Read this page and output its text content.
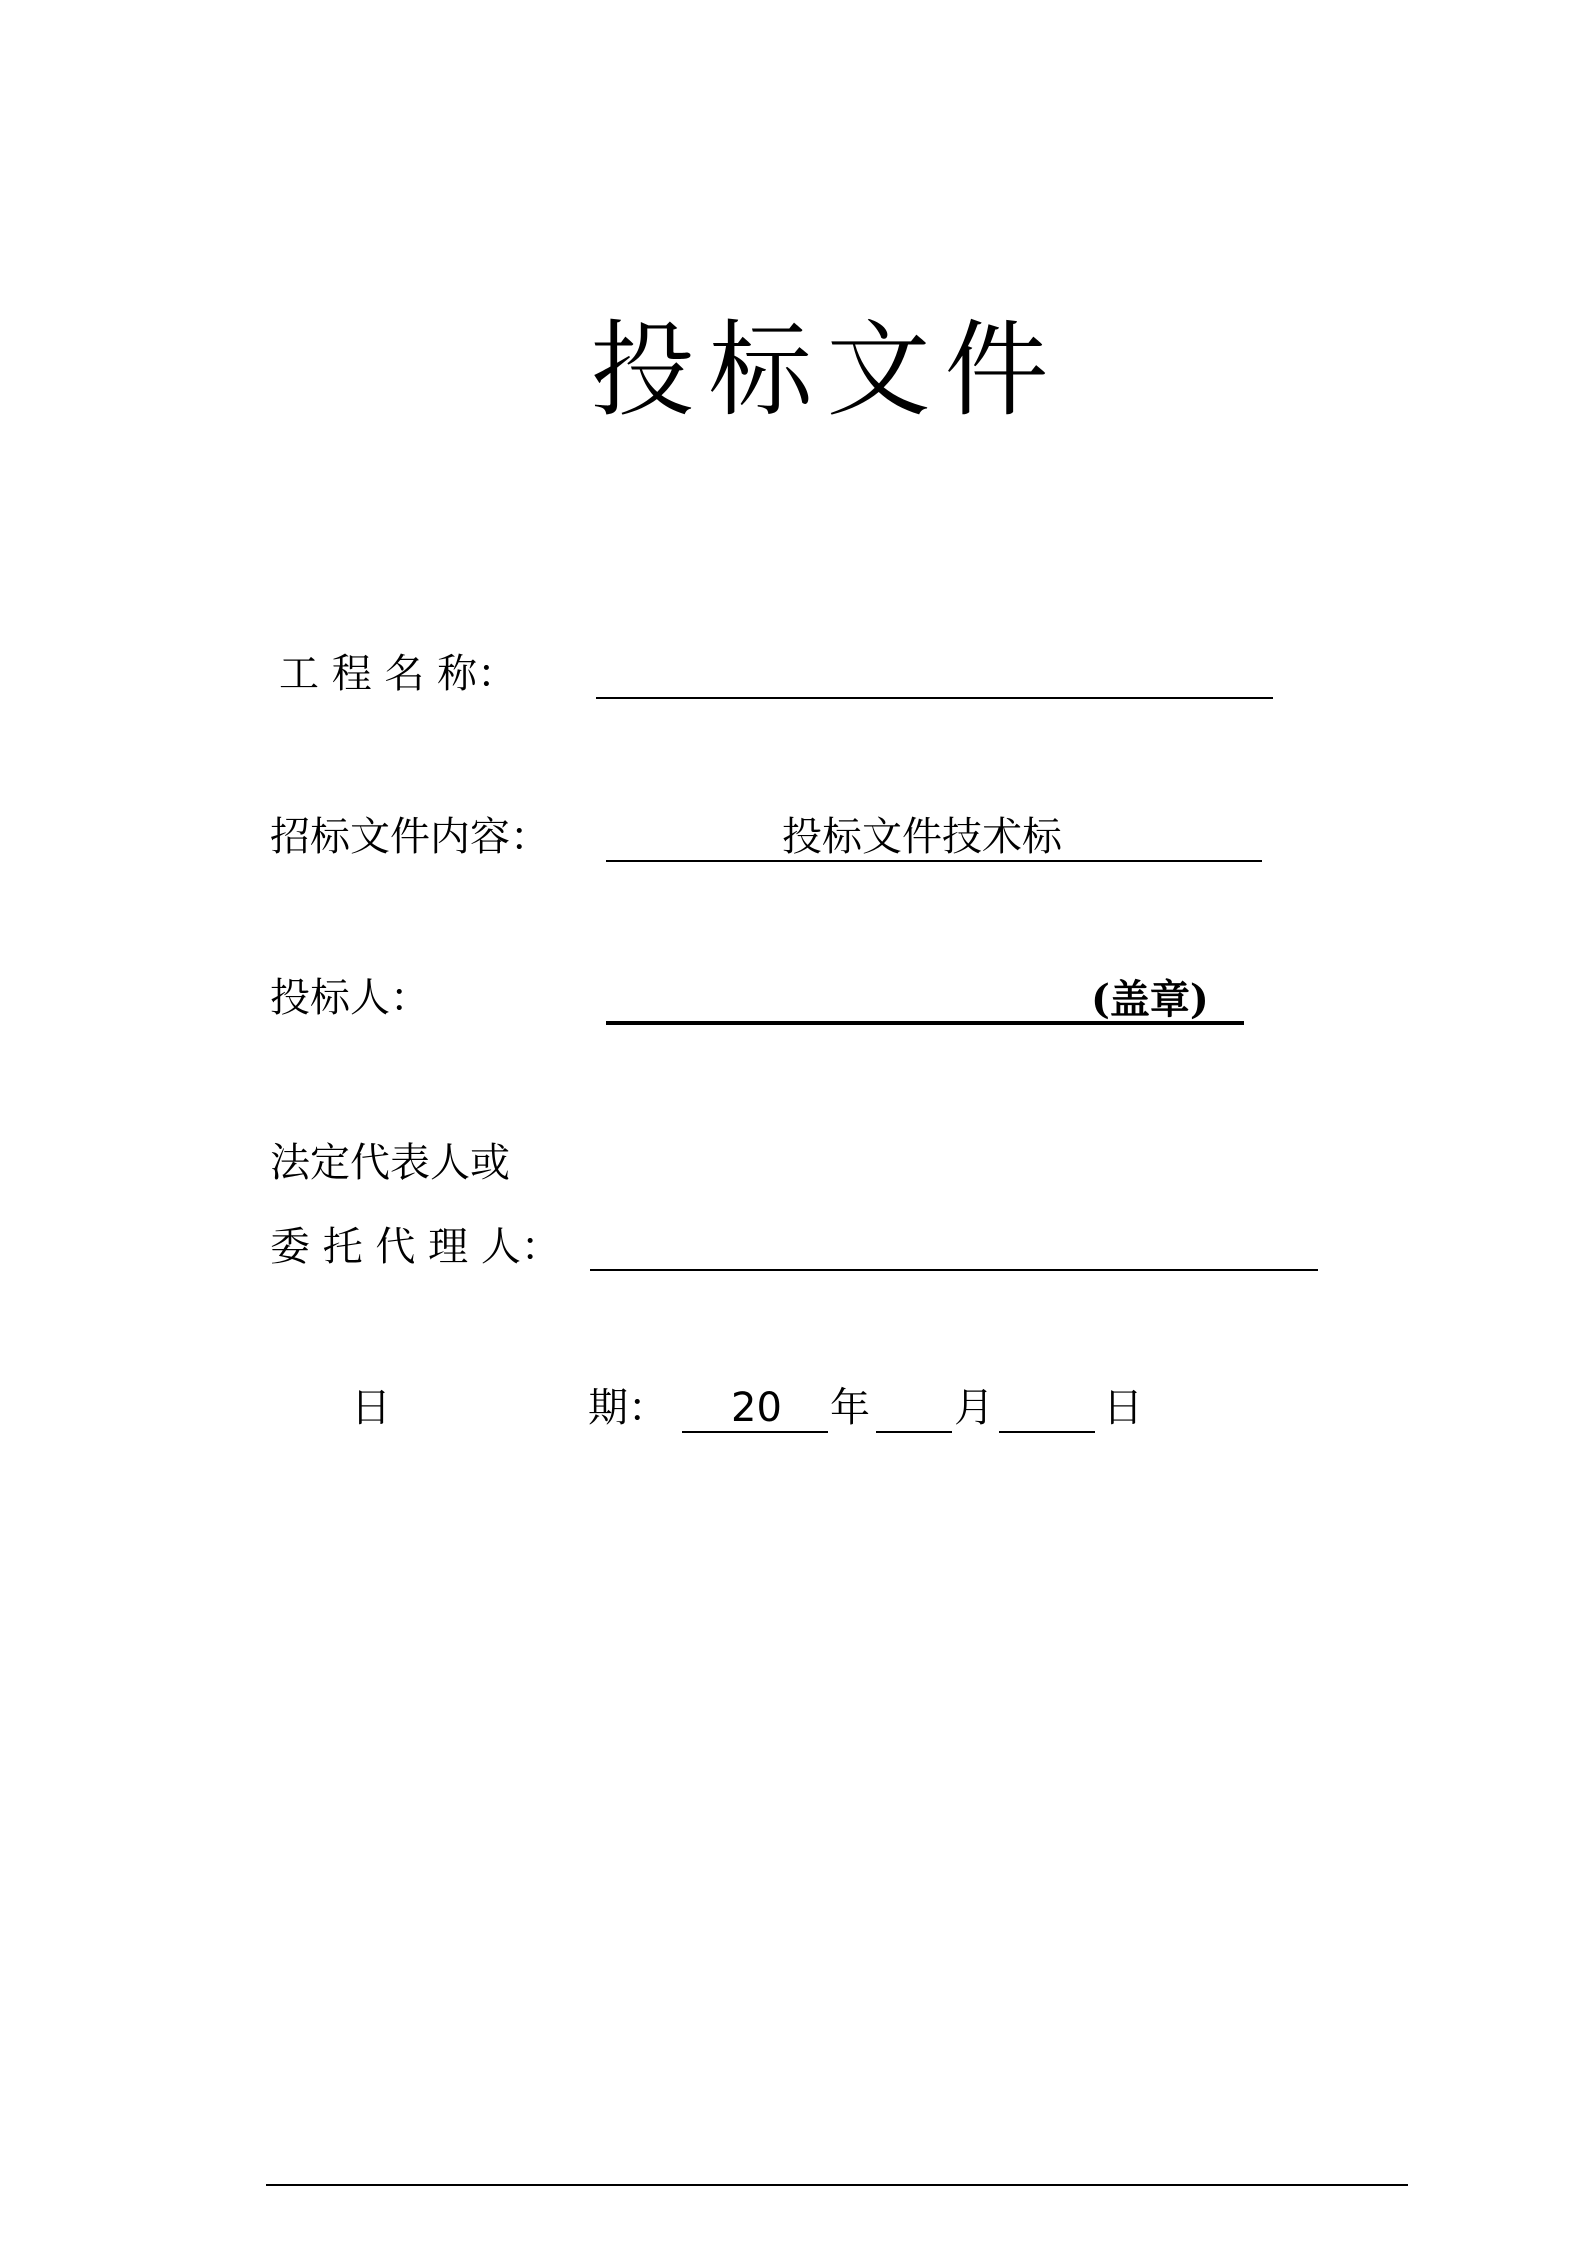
投标文件
工 程 名 称：
招标文件内容：	投标文件技术标
投标人：	(盖章)
法定代表人或
委 托 代 理 人：
日	期： 20 年 月	日
